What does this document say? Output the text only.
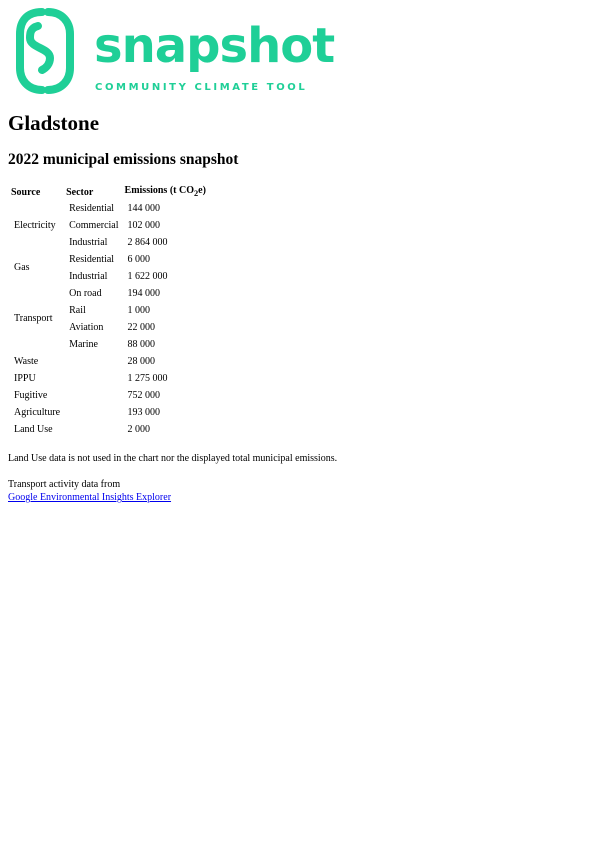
snapshot
COMMUNITY CLIMATE TOOL
Gladstone
2022 municipal emissions snapshot
Source	Sector	Emissions (t $CO_2e$)
Electricity	Residential	144 000
	Commercial	102 000
	Industrial	2 864 000
Gas	Residential	6 000
	Industrial	1 622 000
Transport	On road	194 000
	Rail	1 000
	Aviation	22 000
	Marine	88 000
Waste		28 000
IPPU		1 275 000
Fugitive		752 000
Agriculture		193 000
Land Use		2 000

Land Use data is not used in the chart nor the displayed total municipal emissions.

Transport activity data from
Google Environmental Insights Explorer
